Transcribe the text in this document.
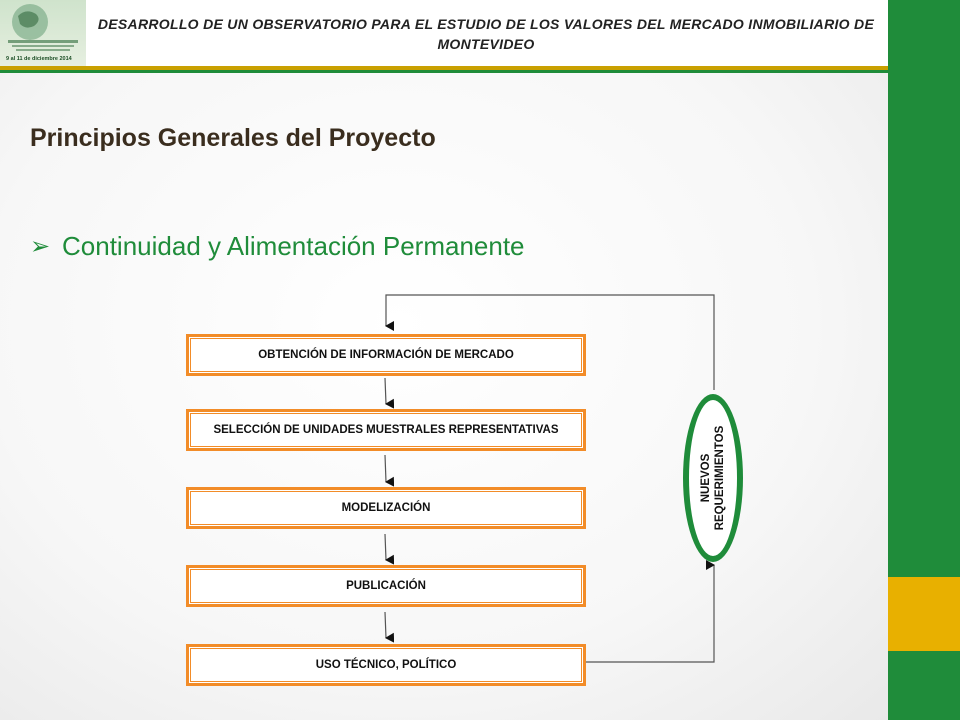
9 al 11 de diciembre 2014
DESARROLLO DE UN OBSERVATORIO PARA EL ESTUDIO DE LOS VALORES DEL MERCADO INMOBILIARIO DE MONTEVIDEO
Principios Generales del Proyecto
➢ Continuidad y Alimentación Permanente
OBTENCIÓN DE INFORMACIÓN DE MERCADO
SELECCIÓN DE UNIDADES MUESTRALES REPRESENTATIVAS
MODELIZACIÓN
PUBLICACIÓN
USO TÉCNICO, POLÍTICO
NUEVOS REQUERIMIENTOS
